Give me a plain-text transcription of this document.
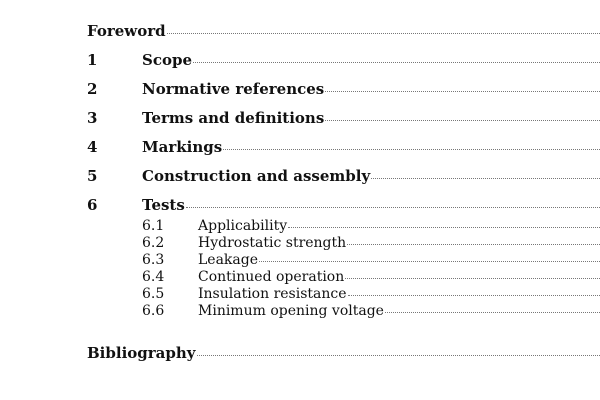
Foreword
1	Scope
2	Normative references
3	Terms and definitions
4	Markings
5	Construction and assembly
6	Tests
6.1	Applicability
6.2	Hydrostatic strength
6.3	Leakage
6.4	Continued operation
6.5	Insulation resistance
6.6	Minimum opening voltage
Bibliography
